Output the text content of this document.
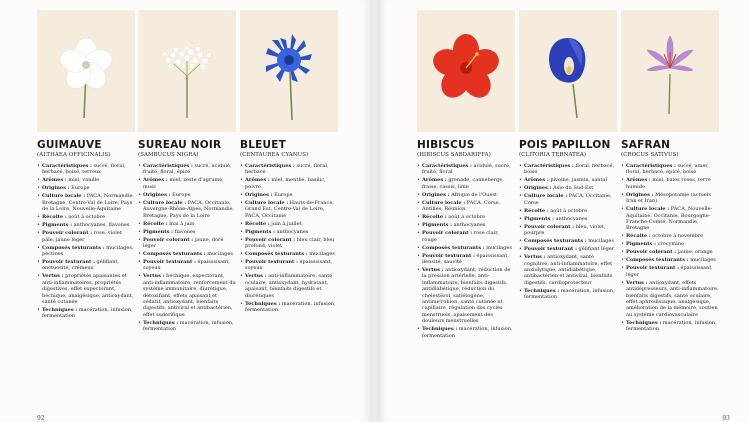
92	93
GUIMAUVE
(ALTHAEA OFFICINALIS)
• Caractéristiques : sucré, floral, herbacé, boisé, terreux
• Arômes : miel, vanille
• Origines : Europe
• Culture locale : PACA, Normandie, Bretagne, Centre-Val de Loire, Pays de la Loire, Nouvelle-Aquitaine
• Récolte : août à octobre
• Pigments : anthocyanes, flavones
• Pouvoir colorant : rose, violet pâle, jaune léger
• Composés texturants : mucilages, pectines
• Pouvoir texturant : gélifiant, onctuosité, crémeux
• Vertus : propriétés apaisantes et anti-inflammatoires, propriétés digestives, effet expectorant, béchique, analgésique, antioxydant, santé cutanée
• Techniques : macération, infusion, fermentation
SUREAU NOIR
(SAMBUCUS NIGRA)
• Caractéristiques : sucré, acidulé, fruité, floral, épicé
• Arômes : miel, zeste d'agrume, musc
• Origines : Europe
• Culture locale : PACA, Occitanie, Auvergne-Rhône-Alpes, Normandie, Bretagne, Pays de la Loire
• Récolte : mai à juin
• Pigments : flavones
• Pouvoir colorant : jaune, doré léger
• Composés texturants : mucilages
• Pouvoir texturant : épaississant, soyeux
• Vertus : béchique, expectorant, anti-inflammatoire, renforcement du système immunitaire, diurétique, détoxifiant, effets apaisant et sédatif, antioxydant, bienfaits digestifs, antiviral et antibactérien, effet sudorifique
• Techniques : macération, infusion, fermentation
BLEUET
(CENTAUREA CYANUS)
• Caractéristiques : sucré, floral, herbacé
• Arômes : miel, menthe, basilic, poivre
• Origines : Europe
• Culture locale : Hauts-de-France, Grand Est, Centre-Val de Loire, PACA, Occitanie
• Récolte : juin à juillet
• Pigments : anthocyanes
• Pouvoir colorant : bleu clair, bleu profond, violet
• Composés texturants : mucilages
• Pouvoir texturant : épaississant, soyeux
• Vertus : anti-inflammatoire, santé oculaire, antioxydant, hydratant, apaisant, bienfaits digestifs et diurétiques
• Techniques : macération, infusion, fermentation
HIBISCUS
(HIBISCUS SABDARIFFA)
• Caractéristiques : acidulé, sucré, fruité, floral
• Arômes : grenade, canneberge, fraise, cassis, lime
• Origines : Afrique de l'Ouest
• Culture locale : PACA, Corse, Antilles, Réunion
• Récolte : août à octobre
• Pigments : anthocyanes
• Pouvoir colorant : rose clair, rouge
• Composés texturants : mucilages
• Pouvoir texturant : épaississant, densité, sauvité
• Vertus : antioxydant, réduction de la pression artérielle, anti-inflammatoire, bienfaits digestifs, antidiabétique, réduction du cholestérol, satiétogène, antimicrobien, santé cutanée et capillaire, régulation des cycles menstruels, apaisement des douleurs menstruelles
• Techniques : macération, infusion, fermentation
POIS PAPILLON
(CLITORIA TERNATEA)
• Caractéristiques : floral, herbacé, boisé
• Arômes : pivoine, jasmin, santal
• Origines : Asie du Sud-Est
• Culture locale : PACA, Occitanie, Corse
• Récolte : août à octobre
• Pigments : anthocyanes
• Pouvoir colorant : bleu, violet, pourpre
• Composés texturants : mucilages
• Pouvoir texturant : gélifiant léger
• Vertus : antioxydant, santé cognitive, anti-inflammatoire, effet anxiolytique, antidiabétique, antibactérien et antiviral, bienfaits digestifs, cardioprotecteur
• Techniques : macération, infusion, fermentation
SAFRAN
(CROCUS SATIVUS)
• Caractéristiques : sucré, amer, floral, herbacé, épicé, boisé
• Arômes : miel, baies roses, terre humide
• Origines : Mésopotamie (actuels Irak et Iran)
• Culture locale : PACA, Nouvelle-Aquitaine, Occitanie, Bourgogne-Franche-Comté, Normandie, Bretagne
• Récolte : octobre à novembre
• Pigments : crocymine
• Pouvoir colorant : jaune, orange
• Composés texturants : mucilages
• Pouvoir texturant : épaississant léger
• Vertus : antioxydant, effets antidépresseurs, anti-inflammatoire, bienfaits digestifs, santé oculaire, effet aphrodisiaque, analgésique, amélioration de la mémoire, soutien au système cardiovasculaire
• Techniques : macération, infusion, fermentation
